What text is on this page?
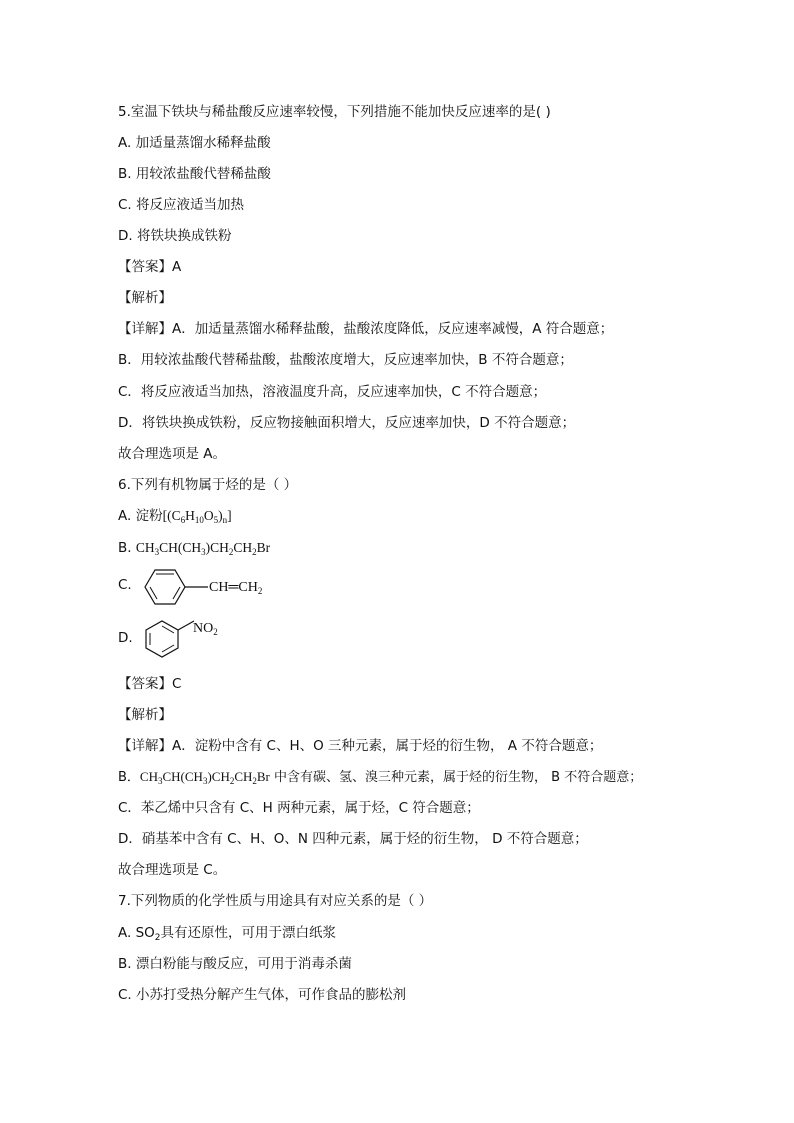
5.室温下铁块与稀盐酸反应速率较慢，下列措施不能加快反应速率的是( )
A. 加适量蒸馏水稀释盐酸
B. 用较浓盐酸代替稀盐酸
C. 将反应液适当加热
D. 将铁块换成铁粉
【答案】A
【解析】
【详解】A．加适量蒸馏水稀释盐酸，盐酸浓度降低，反应速率减慢，A 符合题意；
B．用较浓盐酸代替稀盐酸，盐酸浓度增大，反应速率加快，B 不符合题意；
C．将反应液适当加热，溶液温度升高，反应速率加快，C 不符合题意；
D．将铁块换成铁粉，反应物接触面积增大，反应速率加快，D 不符合题意；
故合理选项是 A。
6.下列有机物属于烃的是（ ）
A. 淀粉$[(C_6H_{10}O_5)_n]$
B. $CH_3CH(CH_3)CH_2CH_2Br$
C.	$CH═CH_2$
D.
$NO_2$
【答案】C
【解析】
【详解】A．淀粉中含有 C、H、O 三种元素，属于烃的衍生物， A 不符合题意；
B．$CH_3CH(CH_3)CH_2CH_2Br$ 中含有碳、氢、溴三种元素，属于烃的衍生物， B 不符合题意；
C．苯乙烯中只含有 C、H 两种元素，属于烃，C 符合题意；
D．硝基苯中含有 C、H、O、N 四种元素，属于烃的衍生物， D 不符合题意；
故合理选项是 C。
7.下列物质的化学性质与用途具有对应关系的是（ ）
A. $SO_2$具有还原性，可用于漂白纸浆
B. 漂白粉能与酸反应，可用于消毒杀菌
C. 小苏打受热分解产生气体，可作食品的膨松剂
